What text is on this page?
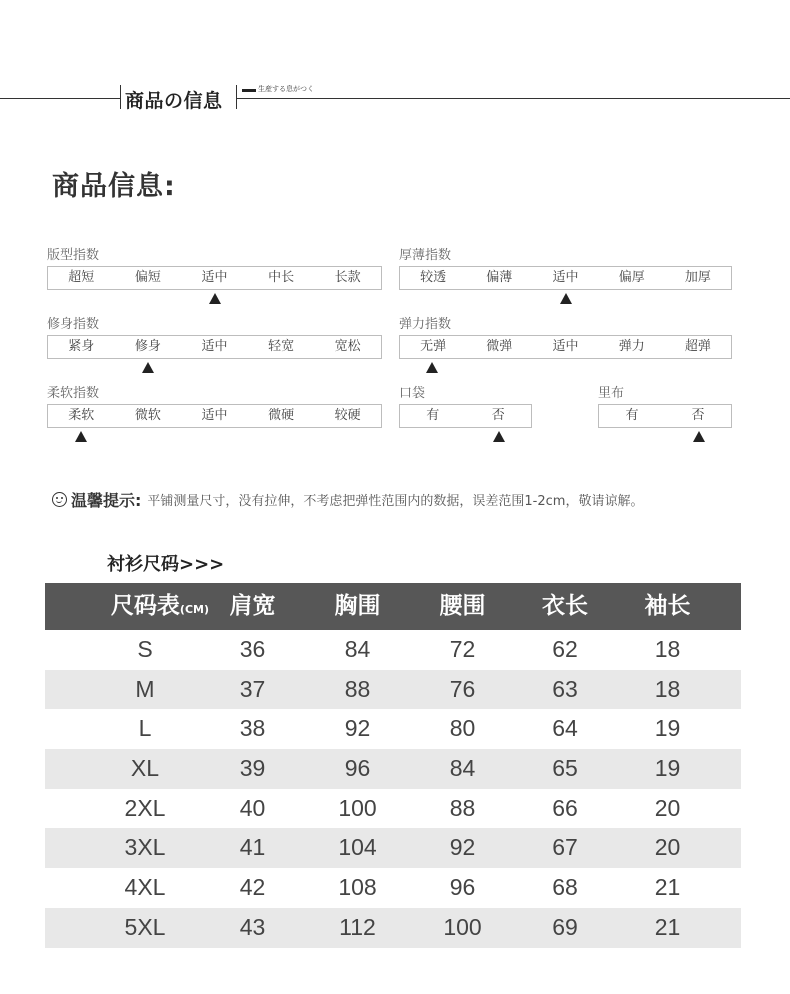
商品の信息
生産する息がつく
商品信息:
版型指数
超短	偏短	适中	中长	长款
厚薄指数
较透	偏薄	适中	偏厚	加厚
修身指数
紧身	修身	适中	轻宽	宽松
弹力指数
无弹	微弹	适中	弹力	超弹
柔软指数
柔软	微软	适中	微硬	较硬
口袋
有	否
里布
有	否
温馨提示: 平铺测量尺寸，没有拉伸，不考虑把弹性范围内的数据，误差范围1-2cm，敬请谅解。
衬衫尺码>>>
尺码表(CM) 肩宽	胸围	腰围	衣长	袖长
S	36	84	72	62	18
M	37	88	76	63	18
L	38	92	80	64	19
XL	39	96	84	65	19
2XL	40	100	88	66	20
3XL	41	104	92	67	20
4XL	42	108	96	68	21
5XL	43	112	100	69	21
